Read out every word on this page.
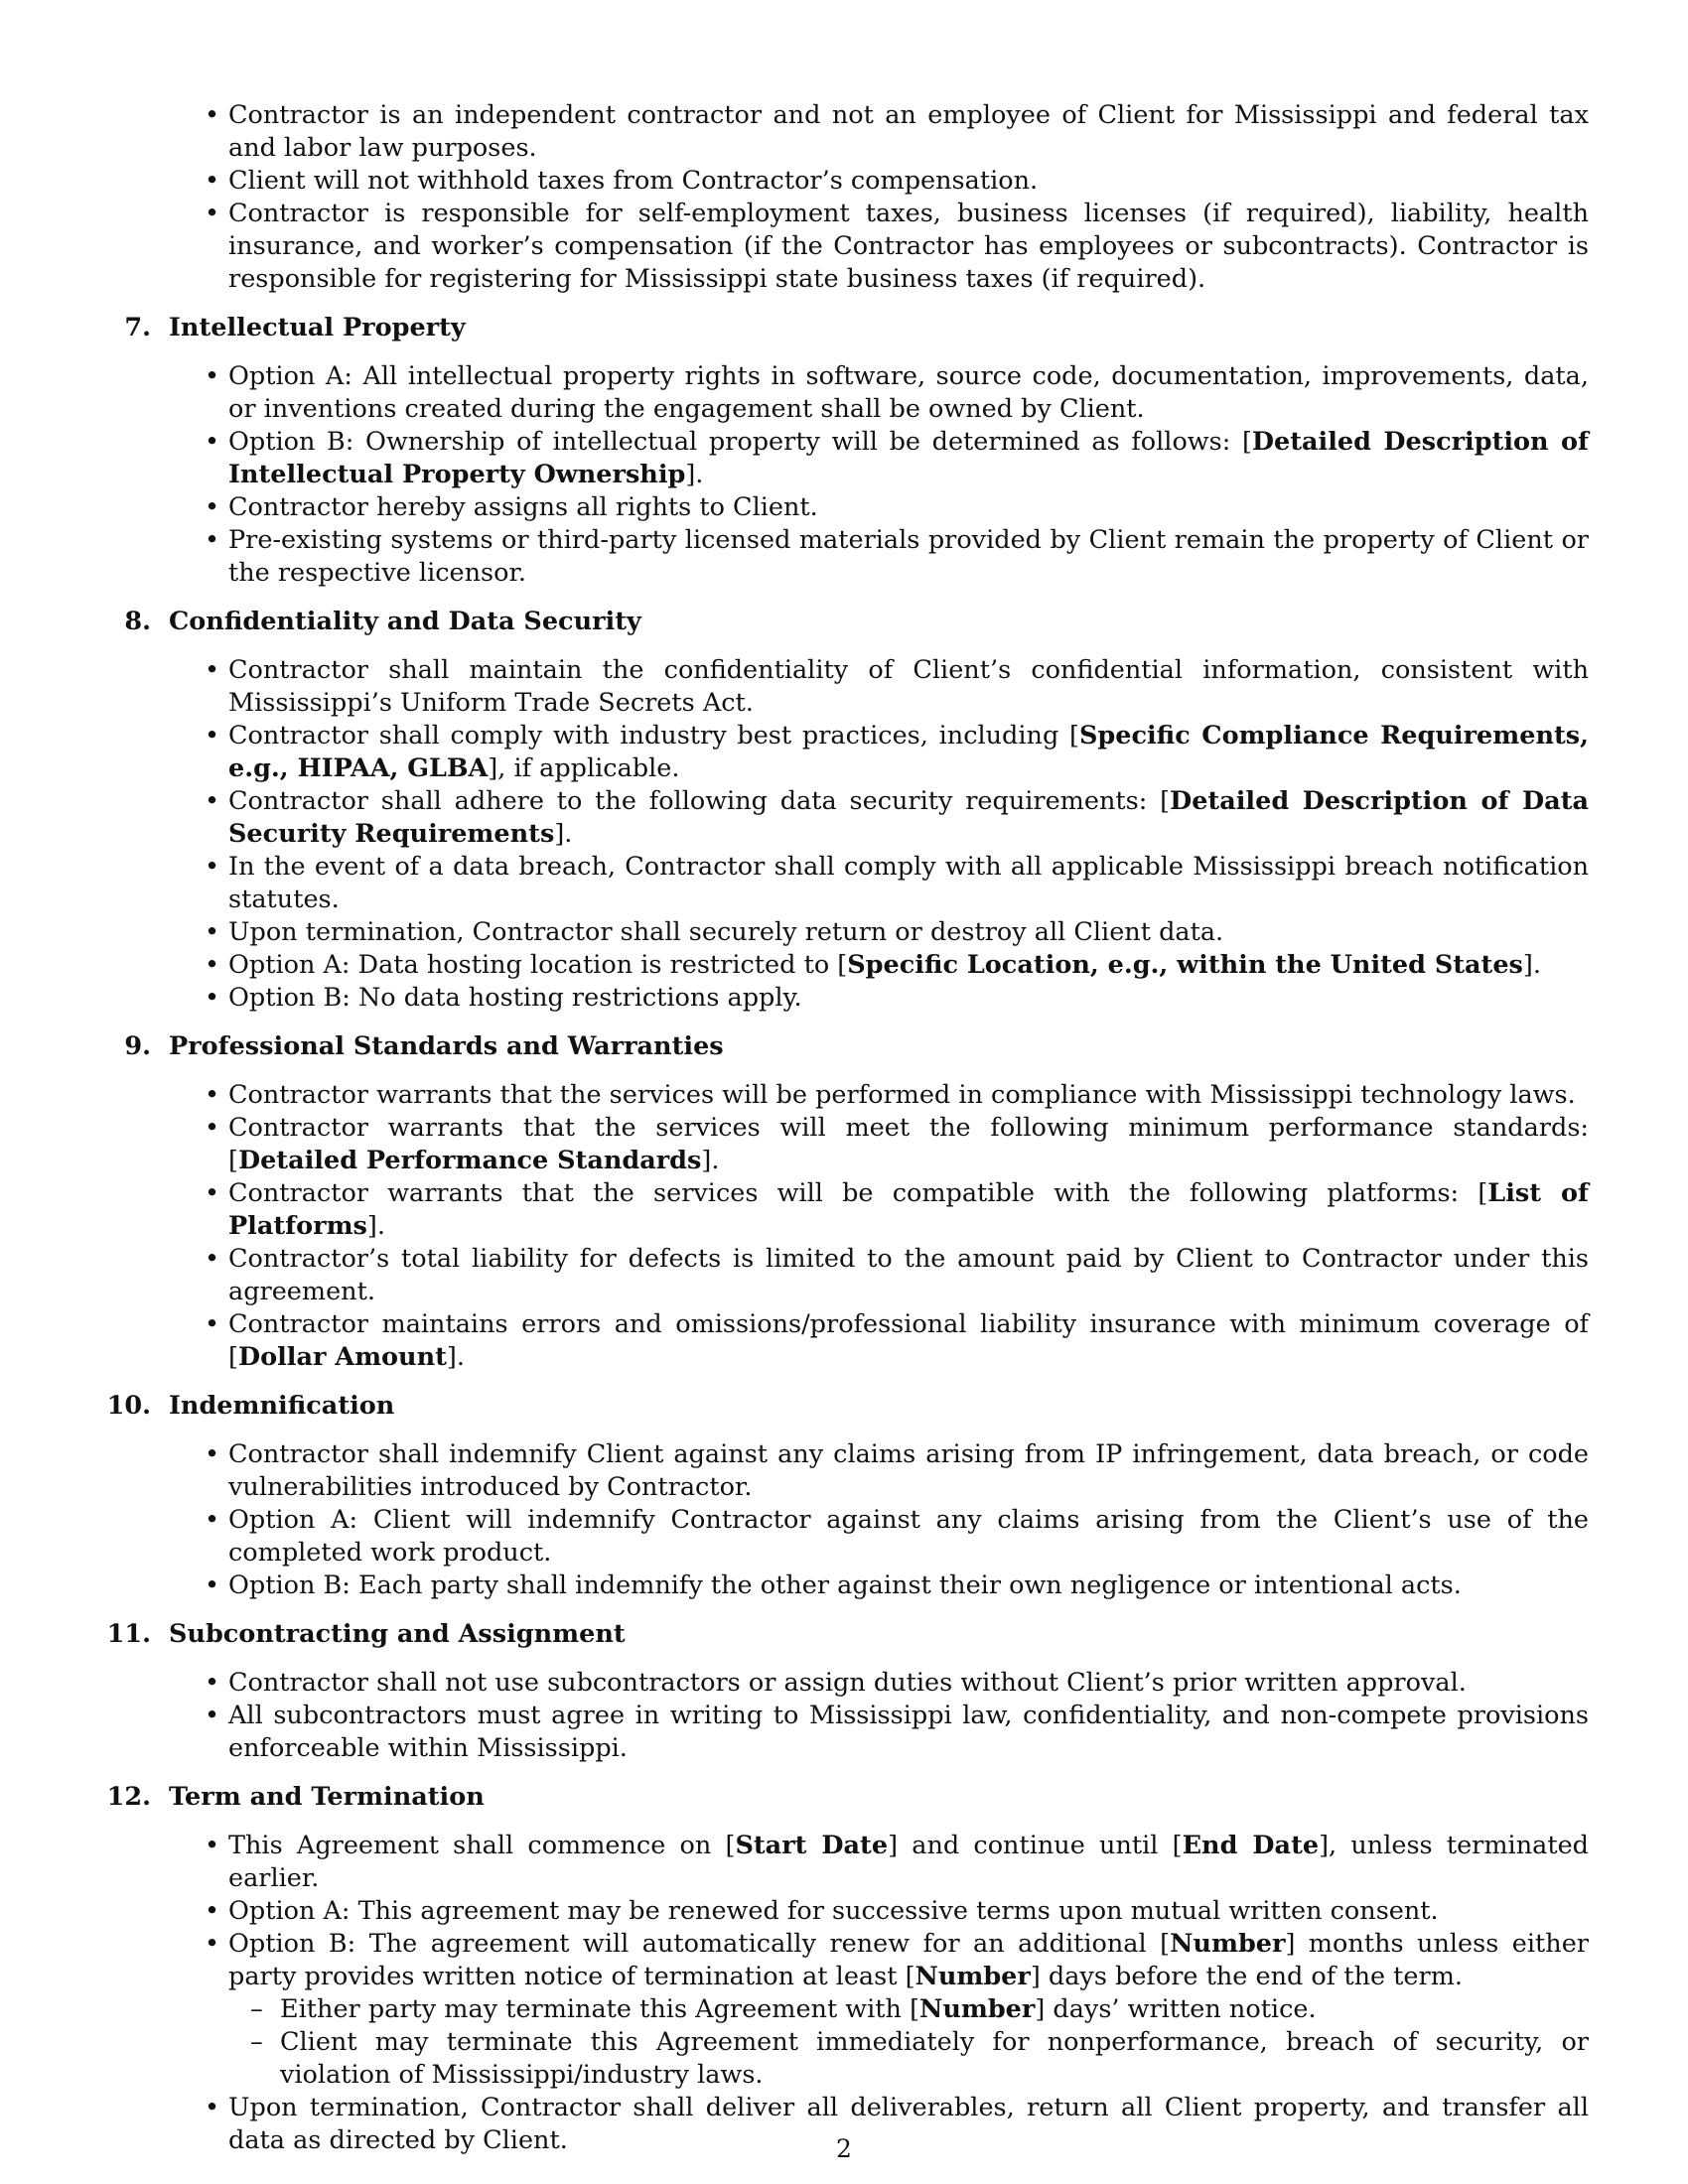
• Contractor is an independent contractor and not an employee of Client for Mississippi and federal tax and labor law purposes.
• Client will not withhold taxes from Contractor’s compensation.
• Contractor is responsible for self-employment taxes, business licenses (if required), liability, health insurance, and worker’s compensation (if the Contractor has employees or subcontracts). Contractor is responsible for registering for Mississippi state business taxes (if required).
7. Intellectual Property
• Option A: All intellectual property rights in software, source code, documentation, improvements, data, or inventions created during the engagement shall be owned by Client.
• Option B: Ownership of intellectual property will be determined as follows: [Detailed Description of Intellectual Property Ownership].
• Contractor hereby assigns all rights to Client.
• Pre-existing systems or third-party licensed materials provided by Client remain the property of Client or the respective licensor.
8. Confidentiality and Data Security
• Contractor shall maintain the confidentiality of Client’s confidential information, consistent with Mississippi’s Uniform Trade Secrets Act.
• Contractor shall comply with industry best practices, including [Specific Compliance Requirements, e.g., HIPAA, GLBA], if applicable.
• Contractor shall adhere to the following data security requirements: [Detailed Description of Data Security Requirements].
• In the event of a data breach, Contractor shall comply with all applicable Mississippi breach notification statutes.
• Upon termination, Contractor shall securely return or destroy all Client data.
• Option A: Data hosting location is restricted to [Specific Location, e.g., within the United States].
• Option B: No data hosting restrictions apply.
9. Professional Standards and Warranties
• Contractor warrants that the services will be performed in compliance with Mississippi technology laws.
• Contractor warrants that the services will meet the following minimum performance standards: [Detailed Performance Standards].
• Contractor warrants that the services will be compatible with the following platforms: [List of Platforms].
• Contractor’s total liability for defects is limited to the amount paid by Client to Contractor under this agreement.
• Contractor maintains errors and omissions/professional liability insurance with minimum coverage of [Dollar Amount].
10. Indemnification
• Contractor shall indemnify Client against any claims arising from IP infringement, data breach, or code vulnerabilities introduced by Contractor.
• Option A: Client will indemnify Contractor against any claims arising from the Client’s use of the completed work product.
• Option B: Each party shall indemnify the other against their own negligence or intentional acts.
11. Subcontracting and Assignment
• Contractor shall not use subcontractors or assign duties without Client’s prior written approval.
• All subcontractors must agree in writing to Mississippi law, confidentiality, and non-compete provisions enforceable within Mississippi.
12. Term and Termination
• This Agreement shall commence on [Start Date] and continue until [End Date], unless terminated earlier.
• Option A: This agreement may be renewed for successive terms upon mutual written consent.
• Option B: The agreement will automatically renew for an additional [Number] months unless either party provides written notice of termination at least [Number] days before the end of the term.
– Either party may terminate this Agreement with [Number] days’ written notice.
– Client may terminate this Agreement immediately for nonperformance, breach of security, or violation of Mississippi/industry laws.
• Upon termination, Contractor shall deliver all deliverables, return all Client property, and transfer all data as directed by Client.	2
